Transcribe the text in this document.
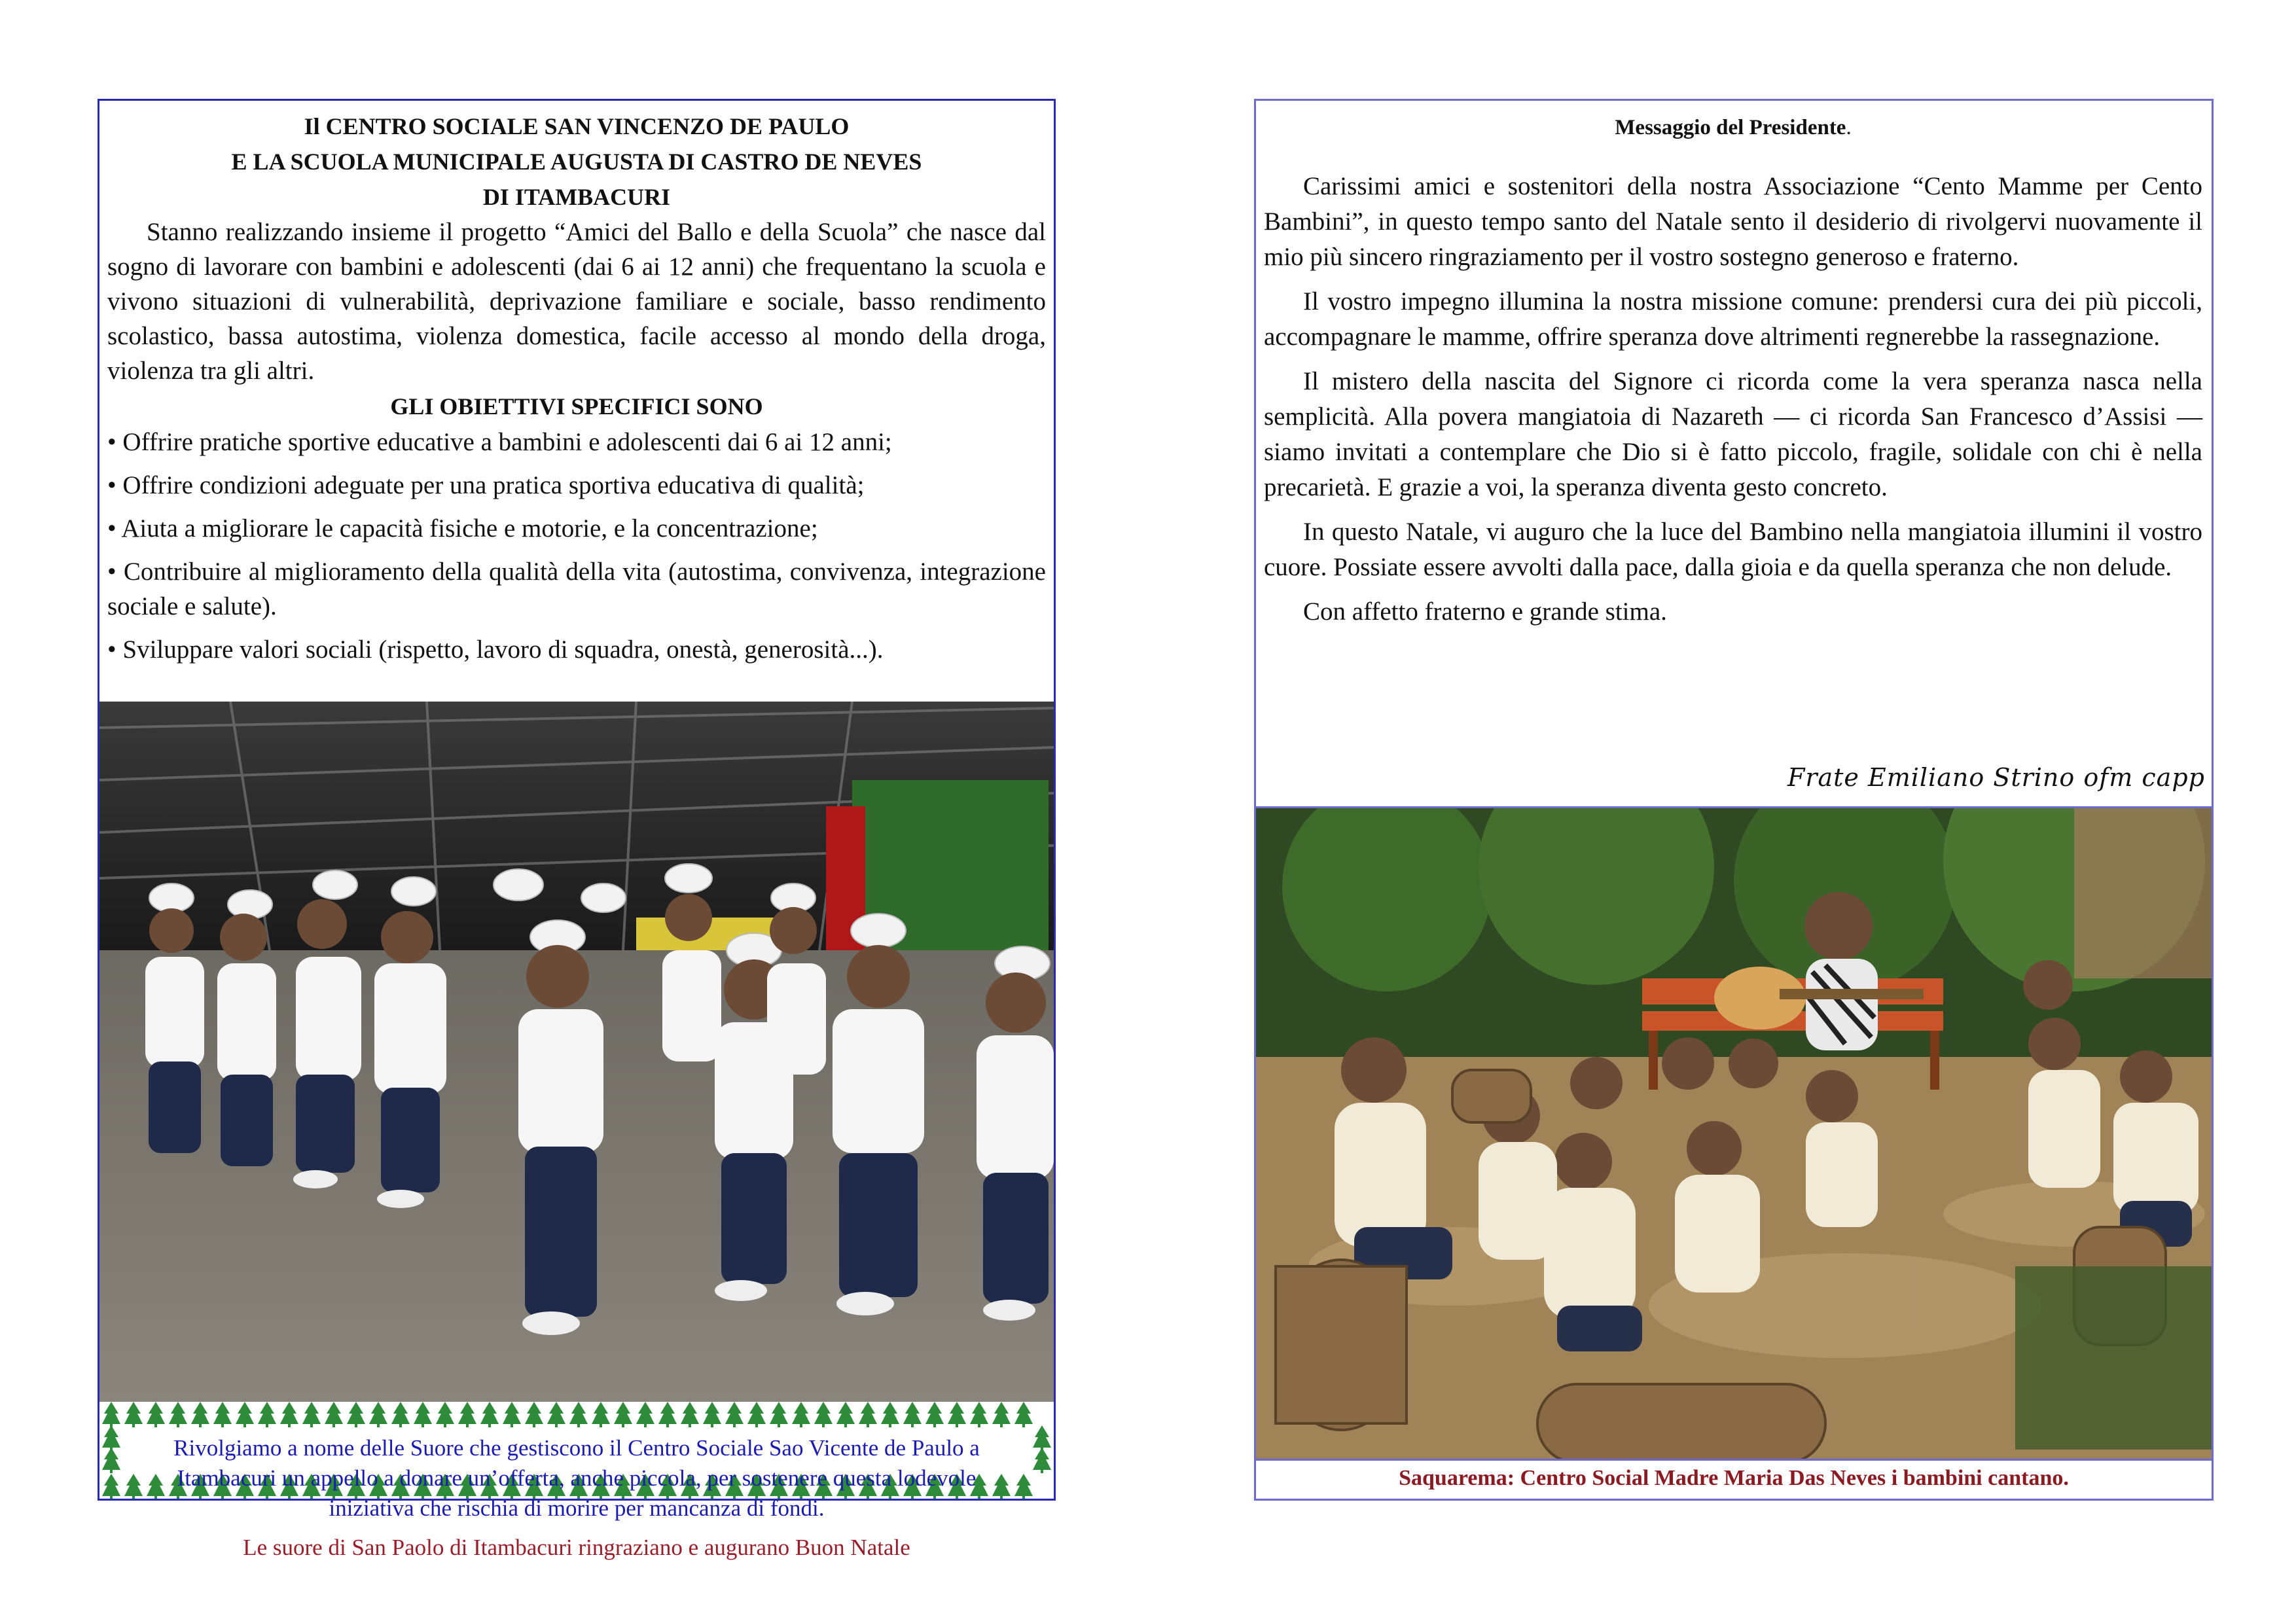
Il CENTRO SOCIALE SAN VINCENZO DE PAULO

E LA SCUOLA MUNICIPALE AUGUSTA DI CASTRO DE NEVES

DI ITAMBACURI

Stanno realizzando insieme il progetto “Amici del Ballo e della Scuola” che nasce dal sogno di lavorare con bambini e adolescenti (dai 6 ai 12 anni) che frequentano la scuola e vivono situazioni di vulnerabilità, deprivazione familiare e sociale, basso rendimento scolastico, bassa autostima, violenza domestica, facile accesso al mondo della droga, violenza tra gli altri.

GLI OBIETTIVI SPECIFICI SONO

• Offrire pratiche sportive educative a bambini e adolescenti dai 6 ai 12 anni;
• Offrire condizioni adeguate per una pratica sportiva educativa di qualità;
• Aiuta a migliorare le capacità fisiche e motorie, e la concentrazione;
• Contribuire al miglioramento della qualità della vita (autostima, convivenza, integrazione sociale e salute).
• Sviluppare valori sociali (rispetto, lavoro di squadra, onestà, generosità...).

Rivolgiamo a nome delle Suore che gestiscono il Centro Sociale Sao Vicente de Paulo a Itambacuri un appello a donare un’offerta, anche piccola, per sostenere questa lodevole iniziativa che rischia di morire per mancanza di fondi.

Le suore di San Paolo di Itambacuri ringraziano e augurano Buon Natale

Messaggio del Presidente.

Carissimi amici e sostenitori della nostra Associazione “Cento Mamme per Cento Bambini”, in questo tempo santo del Natale sento il desiderio di rivolgervi nuovamente il mio più sincero ringraziamento per il vostro sostegno generoso e fraterno.

Il vostro impegno illumina la nostra missione comune: prendersi cura dei più piccoli, accompagnare le mamme, offrire speranza dove altrimenti regnerebbe la rassegnazione.

Il mistero della nascita del Signore ci ricorda come la vera speranza nasca nella semplicità. Alla povera mangiatoia di Nazareth — ci ricorda San Francesco d’Assisi — siamo invitati a contemplare che Dio si è fatto piccolo, fragile, solidale con chi è nella precarietà. E grazie a voi, la speranza diventa gesto concreto.

In questo Natale, vi auguro che la luce del Bambino nella mangiatoia illumini il vostro cuore. Possiate essere avvolti dalla pace, dalla gioia e da quella speranza che non delude.

Con affetto fraterno e grande stima.

Frate Emiliano Strino ofm capp
Saquarema: Centro Social Madre Maria Das Neves i bambini cantano.
